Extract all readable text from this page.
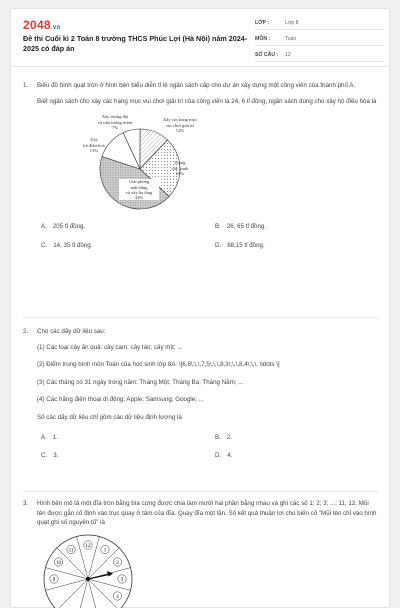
2048.vn
Đề thi Cuối kì 2 Toán 8 trường THCS Phúc Lợi (Hà Nội) năm 2024-2025 có đáp án
LỚP :	Lớp 8
MÔN :	Toán
SỐ CÂU :	12
1.	Biểu đồ hình quạt tròn ở hình bên biểu diễn tỉ lệ ngân sách cấp cho dự án xây dựng một công viên của thành phố A.
Biết ngân sách cho xây các hạng mục vui chơi giải trí của công viên là 24, 6 tỉ đồng, ngân sách dùng cho xây hồ điều hòa là
Xây tượng đài
và nhà tưởng niệm
7%
Xây các hạng mục
vui chơi giải trí
12%
Trồng
cây xanh
25%
Giải phóng
mặt bằng
và xây hạ tầng
43%
Xây
hồ điều hoà
13%
A. 205 tỉ đồng.	B. 26, 65 tỉ đồng.
C. 14, 35 tỉ đồng.	D. 88,15 tỉ đồng.
2.	Cho các dãy dữ liệu sau:
(1) Các loại cây ăn quả: cây cam; cây táo; cây mít; ...
(2) Điểm trung bình môn Toán của học sinh lớp 8A: \[6,8\;\,\,7,5\;\,\,8,3\;\,\,8,4\;\,\, \ldots \]
(3) Các tháng có 31 ngày trong năm: Tháng Một; Tháng Ba; Tháng Năm; ...
(4) Các hãng điện thoại di động: Apple; Samsung; Google; ...
Số các dãy dữ liệu chỉ gồm các dữ liệu định lượng là
A. 1.	B. 2.
C. 3.	D. 4.
3.	Hình bên mô tả một đĩa tròn bằng bìa cứng được chia làm mười hai phần bằng nhau và ghi các số 1; 2; 3; ...; 11; 12. Mũi tên được gắn cố định vào trục quay ở tâm của đĩa. Quay đĩa một lần. Số kết quả thuận lợi cho biến cố "Mũi tên chỉ vào hình quạt ghi số nguyên tố" là
12
1
11
2
10
3
9
4
